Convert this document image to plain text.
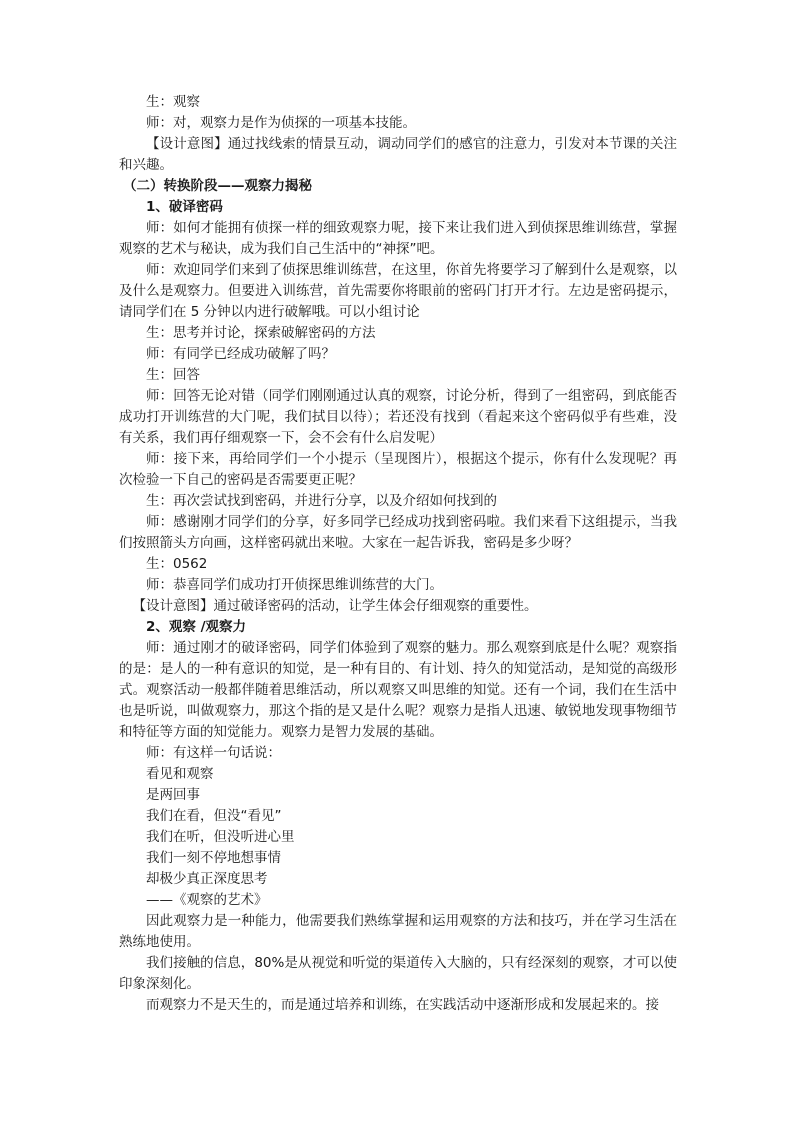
生：观察

师：对，观察力是作为侦探的一项基本技能。

【设计意图】通过找线索的情景互动，调动同学们的感官的注意力，引发对本节课的关注和兴趣。

（二）转换阶段——观察力揭秘

1、破译密码

师：如何才能拥有侦探一样的细致观察力呢，接下来让我们进入到侦探思维训练营，掌握观察的艺术与秘诀，成为我们自己生活中的“神探”吧。

师：欢迎同学们来到了侦探思维训练营，在这里，你首先将要学习了解到什么是观察，以及什么是观察力。但要进入训练营，首先需要你将眼前的密码门打开才行。左边是密码提示，请同学们在 5 分钟以内进行破解哦。可以小组讨论

生：思考并讨论，探索破解密码的方法

师：有同学已经成功破解了吗？

生：回答

师：回答无论对错（同学们刚刚通过认真的观察，讨论分析，得到了一组密码，到底能否成功打开训练营的大门呢，我们拭目以待）；若还没有找到（看起来这个密码似乎有些难，没有关系，我们再仔细观察一下，会不会有什么启发呢）

师：接下来，再给同学们一个小提示（呈现图片），根据这个提示，你有什么发现呢？再次检验一下自己的密码是否需要更正呢？

生：再次尝试找到密码，并进行分享，以及介绍如何找到的

师：感谢刚才同学们的分享，好多同学已经成功找到密码啦。我们来看下这组提示，当我们按照箭头方向画，这样密码就出来啦。大家在一起告诉我，密码是多少呀？

生：0562

师：恭喜同学们成功打开侦探思维训练营的大门。

【设计意图】通过破译密码的活动，让学生体会仔细观察的重要性。

2、观察 /观察力

师：通过刚才的破译密码，同学们体验到了观察的魅力。那么观察到底是什么呢？观察指的是：是人的一种有意识的知觉，是一种有目的、有计划、持久的知觉活动，是知觉的高级形式。观察活动一般都伴随着思维活动，所以观察又叫思维的知觉。还有一个词，我们在生活中也是听说，叫做观察力，那这个指的是又是什么呢？观察力是指人迅速、敏锐地发现事物细节和特征等方面的知觉能力。观察力是智力发展的基础。

师：有这样一句话说：

看见和观察

是两回事

我们在看，但没“看见”

我们在听，但没听进心里

我们一刻不停地想事情

却极少真正深度思考

——《观察的艺术》

因此观察力是一种能力，他需要我们熟练掌握和运用观察的方法和技巧，并在学习生活在熟练地使用。

我们接触的信息，80%是从视觉和听觉的渠道传入大脑的，只有经深刻的观察，才可以使印象深刻化。

而观察力不是天生的，而是通过培养和训练，在实践活动中逐渐形成和发展起来的。接
